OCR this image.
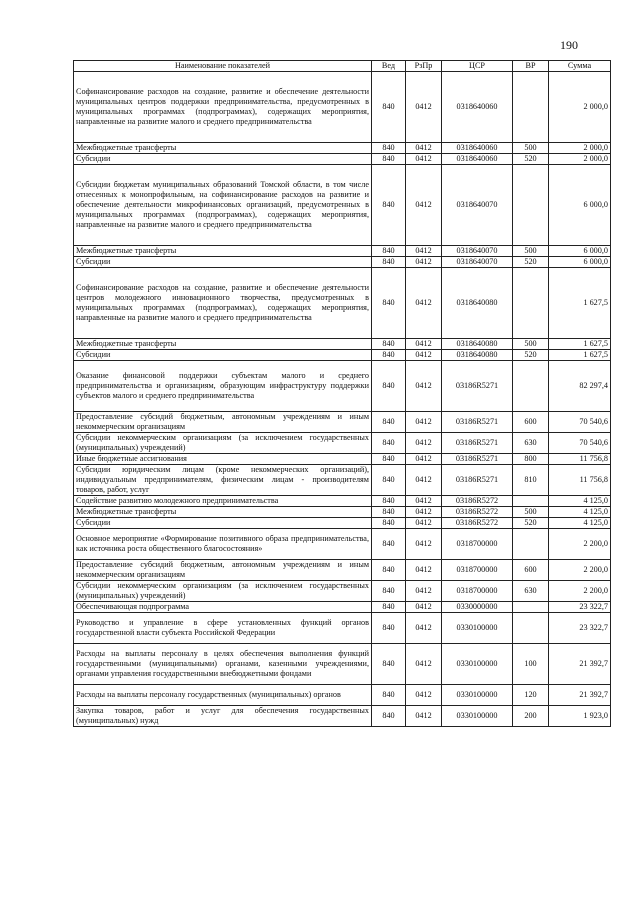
190
Наименование показателей	Вед	РзПр	ЦСР	ВР	Сумма
Софинансирование расходов на создание, развитие и обеспечение деятельности муниципальных центров поддержки предпринимательства, предусмотренных в муниципальных программах (подпрограммах), содержащих мероприятия, направленные на развитие малого и среднего предпринимательства	840	0412	0318640060		2 000,0
Межбюджетные трансферты	840	0412	0318640060	500	2 000,0
Субсидии	840	0412	0318640060	520	2 000,0
Субсидии бюджетам муниципальных образований Томской области, в том числе отнесенных к монопрофильным, на софинансирование расходов на развитие и обеспечение деятельности микрофинансовых организаций, предусмотренных в муниципальных программах (подпрограммах), содержащих мероприятия, направленные на развитие малого и среднего предпринимательства	840	0412	0318640070		6 000,0
Межбюджетные трансферты	840	0412	0318640070	500	6 000,0
Субсидии	840	0412	0318640070	520	6 000,0
Софинансирование расходов на создание, развитие и обеспечение деятельности центров молодежного инновационного творчества, предусмотренных в муниципальных программах (подпрограммах), содержащих мероприятия, направленные на развитие малого и среднего предпринимательства	840	0412	0318640080		1 627,5
Межбюджетные трансферты	840	0412	0318640080	500	1 627,5
Субсидии	840	0412	0318640080	520	1 627,5
Оказание финансовой поддержки субъектам малого и среднего предпринимательства и организациям, образующим инфраструктуру поддержки субъектов малого и среднего предпринимательства	840	0412	03186R5271		82 297,4
Предоставление субсидий бюджетным, автономным учреждениям и иным некоммерческим организациям	840	0412	03186R5271	600	70 540,6
Субсидии некоммерческим организациям (за исключением государственных (муниципальных) учреждений)	840	0412	03186R5271	630	70 540,6
Иные бюджетные ассигнования	840	0412	03186R5271	800	11 756,8
Субсидии юридическим лицам (кроме некоммерческих организаций), индивидуальным предпринимателям, физическим лицам - производителям товаров, работ, услуг	840	0412	03186R5271	810	11 756,8
Содействие развитию молодежного предпринимательства	840	0412	03186R5272		4 125,0
Межбюджетные трансферты	840	0412	03186R5272	500	4 125,0
Субсидии	840	0412	03186R5272	520	4 125,0
Основное мероприятие «Формирование позитивного образа предпринимательства, как источника роста общественного благосостояния»	840	0412	0318700000		2 200,0
Предоставление субсидий бюджетным, автономным учреждениям и иным некоммерческим организациям	840	0412	0318700000	600	2 200,0
Субсидии некоммерческим организациям (за исключением государственных (муниципальных) учреждений)	840	0412	0318700000	630	2 200,0
Обеспечивающая подпрограмма	840	0412	0330000000		23 322,7
Руководство и управление в сфере установленных функций органов государственной власти субъекта Российской Федерации	840	0412	0330100000		23 322,7
Расходы на выплаты персоналу в целях обеспечения выполнения функций государственными (муниципальными) органами, казенными учреждениями, органами управления государственными внебюджетными фондами	840	0412	0330100000	100	21 392,7
Расходы на выплаты персоналу государственных (муниципальных) органов	840	0412	0330100000	120	21 392,7
Закупка товаров, работ и услуг для обеспечения государственных (муниципальных) нужд	840	0412	0330100000	200	1 923,0
